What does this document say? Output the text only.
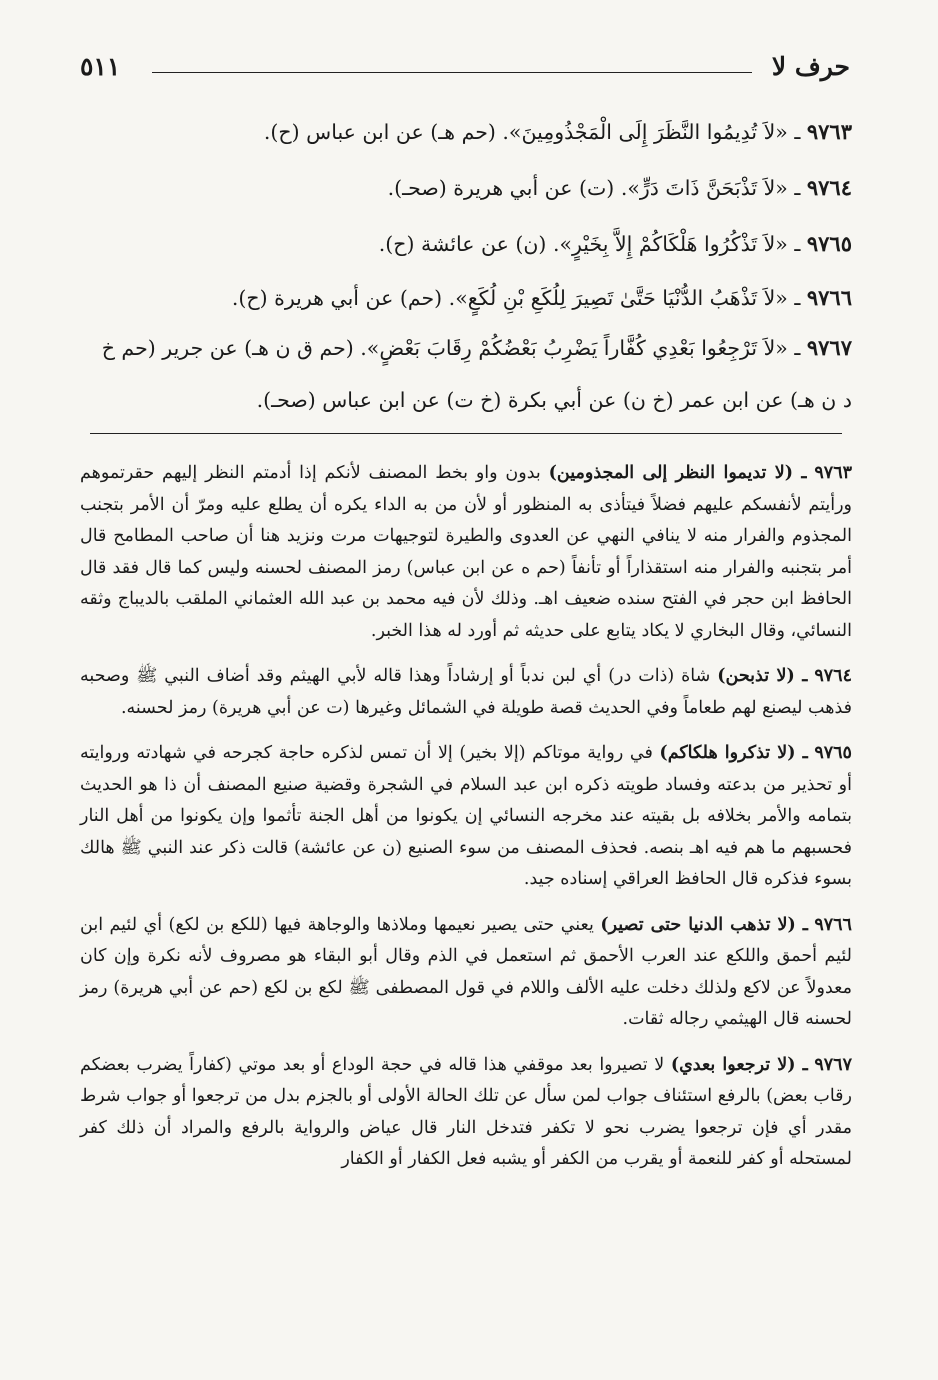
حرف لا
٥١١
٩٧٦٣ ـ «لاَ تُدِيمُوا النَّظَرَ إِلَى الْمَجْذُومِينَ». (حم هـ) عن ابن عباس (ح).
٩٧٦٤ ـ «لاَ تَذْبَحَنَّ ذَاتَ دَرٍّ». (ت) عن أبي هريرة (صحـ).
٩٧٦٥ ـ «لاَ تَذْكُرُوا هَلْكَاكُمْ إِلاَّ بِخَيْرٍ». (ن) عن عائشة (ح).
٩٧٦٦ ـ «لاَ تَذْهَبُ الدُّنْيَا حَتَّىٰ تَصِيرَ لِلُكَعِ بْنِ لُكَعٍ». (حم) عن أبي هريرة (ح).
٩٧٦٧ ـ «لاَ تَرْجِعُوا بَعْدِي كُفَّاراً يَضْرِبُ بَعْضُكُمْ رِقَابَ بَعْضٍ». (حم ق ن هـ) عن جرير (حم خ د ن هـ) عن ابن عمر (خ ن) عن أبي بكرة (خ ت) عن ابن عباس (صحـ).

٩٧٦٣ ـ (لا تديموا النظر إلى المجذومين) بدون واو بخط المصنف لأنكم إذا أدمتم النظر إليهم حقرتموهم ورأيتم لأنفسكم عليهم فضلاً فيتأذى به المنظور أو لأن من به الداء يكره أن يطلع عليه ومرّ أن الأمر بتجنب المجذوم والفرار منه لا ينافي النهي عن العدوى والطيرة لتوجيهات مرت ونزيد هنا أن صاحب المطامح قال أمر بتجنبه والفرار منه استقذاراً أو تأنفاً (حم ه عن ابن عباس) رمز المصنف لحسنه وليس كما قال فقد قال الحافظ ابن حجر في الفتح سنده ضعيف اهـ. وذلك لأن فيه محمد بن عبد الله العثماني الملقب بالديباج وثقه النسائي، وقال البخاري لا يكاد يتابع على حديثه ثم أورد له هذا الخبر.

٩٧٦٤ ـ (لا تذبحن) شاة (ذات در) أي لبن ندباً أو إرشاداً وهذا قاله لأبي الهيثم وقد أضاف النبي ﷺ وصحبه فذهب ليصنع لهم طعاماً وفي الحديث قصة طويلة في الشمائل وغيرها (ت عن أبي هريرة) رمز لحسنه.

٩٧٦٥ ـ (لا تذكروا هلكاكم) في رواية موتاكم (إلا بخير) إلا أن تمس لذكره حاجة كجرحه في شهادته وروايته أو تحذير من بدعته وفساد طويته ذكره ابن عبد السلام في الشجرة وقضية صنيع المصنف أن ذا هو الحديث بتمامه والأمر بخلافه بل بقيته عند مخرجه النسائي إن يكونوا من أهل الجنة تأثموا وإن يكونوا من أهل النار فحسبهم ما هم فيه اهـ بنصه. فحذف المصنف من سوء الصنيع (ن عن عائشة) قالت ذكر عند النبي ﷺ هالك بسوء فذكره قال الحافظ العراقي إسناده جيد.

٩٧٦٦ ـ (لا تذهب الدنيا حتى تصير) يعني حتى يصير نعيمها وملاذها والوجاهة فيها (للكع بن لكع) أي لئيم ابن لئيم أحمق واللكع عند العرب الأحمق ثم استعمل في الذم وقال أبو البقاء هو مصروف لأنه نكرة وإن كان معدولاً عن لاكع ولذلك دخلت عليه الألف واللام في قول المصطفى ﷺ لكع بن لكع (حم عن أبي هريرة) رمز لحسنه قال الهيثمي رجاله ثقات.

٩٧٦٧ ـ (لا ترجعوا بعدي) لا تصيروا بعد موقفي هذا قاله في حجة الوداع أو بعد موتي (كفاراً يضرب بعضكم رقاب بعض) بالرفع استئناف جواب لمن سأل عن تلك الحالة الأولى أو بالجزم بدل من ترجعوا أو جواب شرط مقدر أي فإن ترجعوا يضرب نحو لا تكفر فتدخل النار قال عياض والرواية بالرفع والمراد أن ذلك كفر لمستحله أو كفر للنعمة أو يقرب من الكفر أو يشبه فعل الكفار أو الكفار
